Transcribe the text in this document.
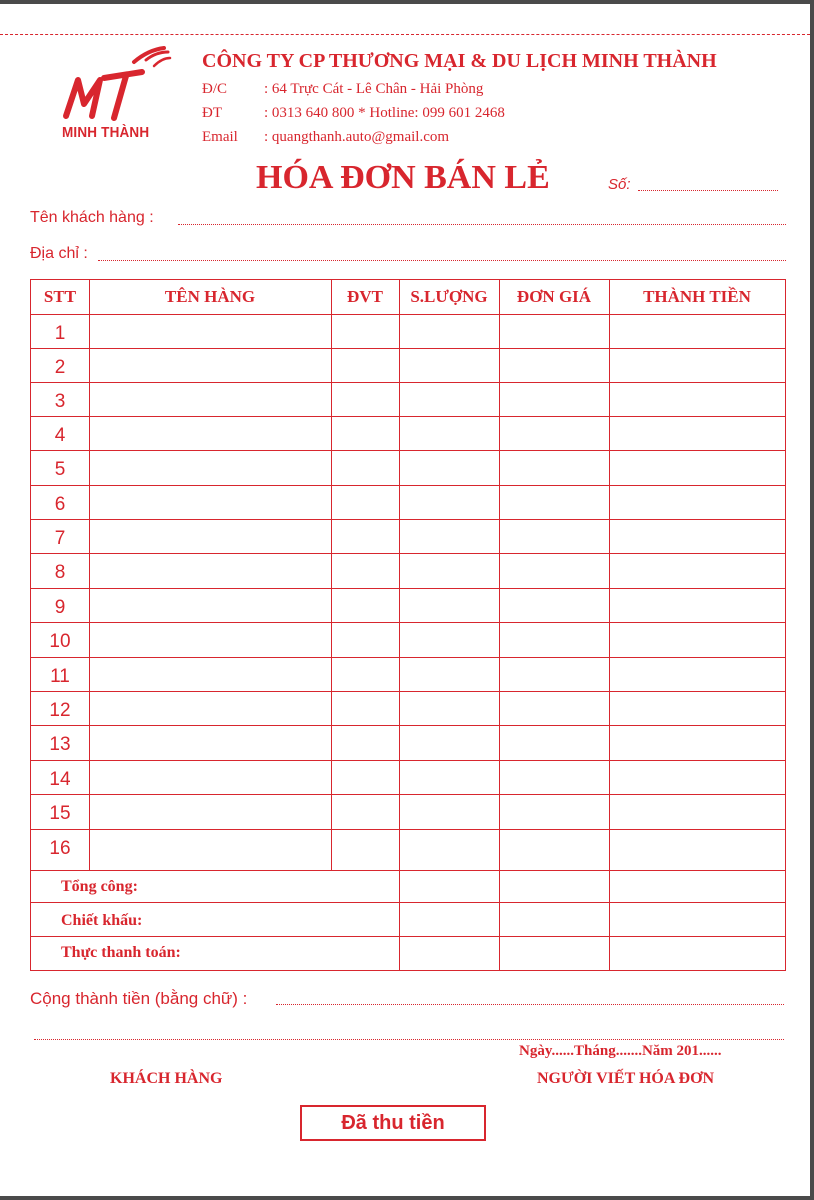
MINH THÀNH
CÔNG TY CP THƯƠNG MẠI & DU LỊCH MINH THÀNH
Đ/C : 64 Trực Cát - Lê Chân - Hải Phòng
ĐT	: 0313 640 800 * Hotline: 099 601 2468
Email : quangthanh.auto@gmail.com
HÓA ĐƠN BÁN LẺ	Số:
Tên khách hàng :
Địa chỉ :
STT	TÊN HÀNG	ĐVT	S.LƯỢNG	ĐƠN GIÁ	THÀNH TIỀN
1
2
3
4
5
6
7
8
9
10
11
12
13
14
15
16
Tổng công:
Chiết khấu:
Thực thanh toán:
Cộng thành tiền (bằng chữ) :
Ngày......Tháng.......Năm 201......
KHÁCH HÀNG	NGƯỜI VIẾT HÓA ĐƠN
Đã thu tiền
